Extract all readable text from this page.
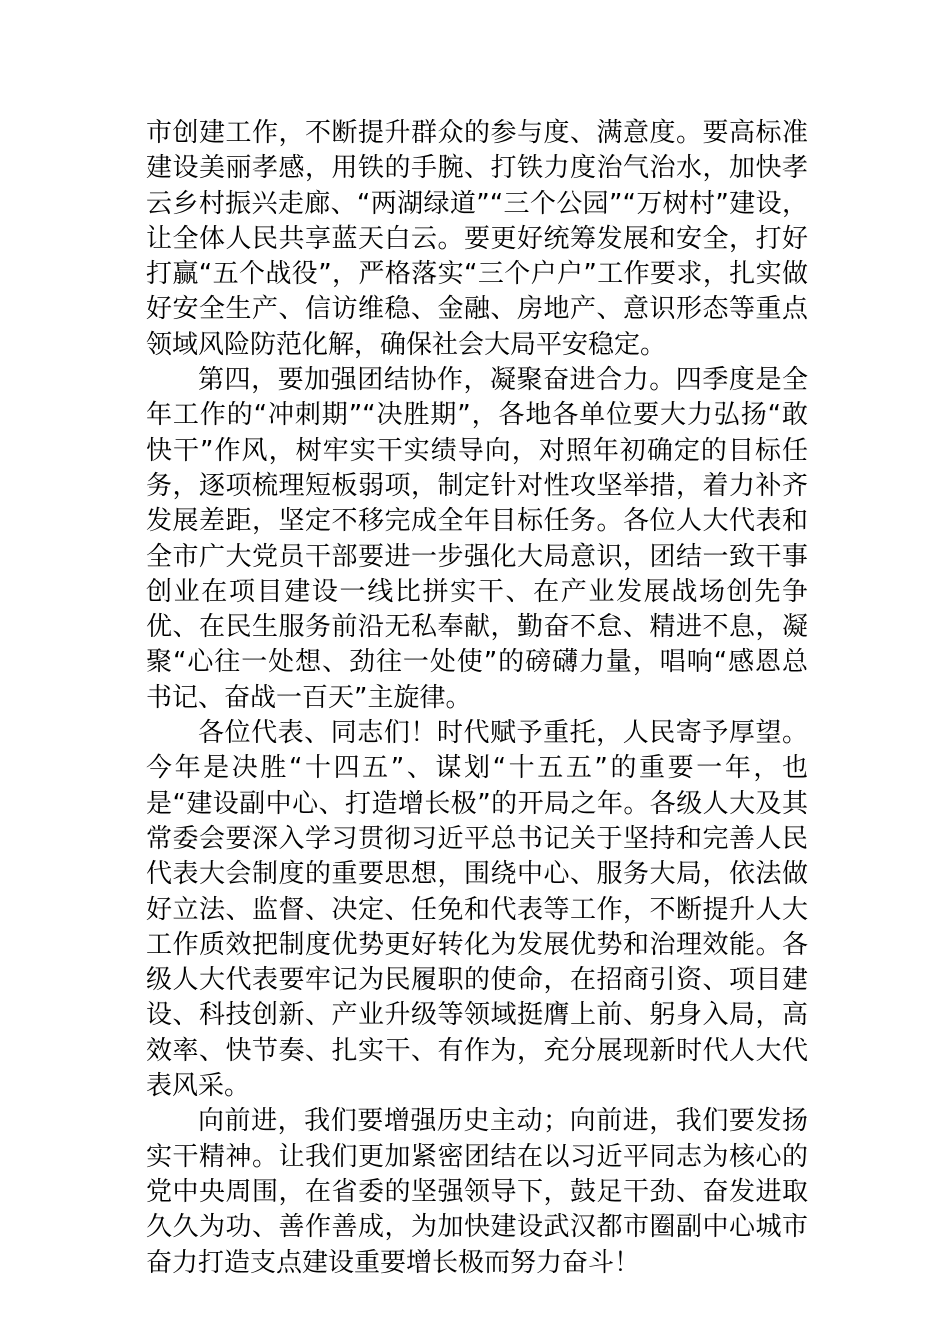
市创建工作，不断提升群众的参与度、满意度。要高标准建设美丽孝感，用铁的手腕、打铁力度治气治水，加快孝云乡村振兴走廊、“两湖绿道”“三个公园”“万树村”建设，让全体人民共享蓝天白云。要更好统筹发展和安全，打好打赢“五个战役”，严格落实“三个户户”工作要求，扎实做好安全生产、信访维稳、金融、房地产、意识形态等重点领域风险防范化解，确保社会大局平安稳定。

第四，要加强团结协作，凝聚奋进合力。四季度是全年工作的“冲刺期”“决胜期”，各地各单位要大力弘扬“敢快干”作风，树牢实干实绩导向，对照年初确定的目标任务，逐项梳理短板弱项，制定针对性攻坚举措，着力补齐发展差距，坚定不移完成全年目标任务。各位人大代表和全市广大党员干部要进一步强化大局意识，团结一致干事创业在项目建设一线比拼实干、在产业发展战场创先争优、在民生服务前沿无私奉献，勤奋不怠、精进不息，凝聚“心往一处想、劲往一处使”的磅礴力量，唱响“感恩总书记、奋战一百天”主旋律。

各位代表、同志们！时代赋予重托，人民寄予厚望。今年是决胜“十四五”、谋划“十五五”的重要一年，也是“建设副中心、打造增长极”的开局之年。各级人大及其常委会要深入学习贯彻习近平总书记关于坚持和完善人民代表大会制度的重要思想，围绕中心、服务大局，依法做好立法、监督、决定、任免和代表等工作，不断提升人大工作质效把制度优势更好转化为发展优势和治理效能。各级人大代表要牢记为民履职的使命，在招商引资、项目建设、科技创新、产业升级等领域挺膺上前、躬身入局，高效率、快节奏、扎实干、有作为，充分展现新时代人大代表风采。

向前进，我们要增强历史主动；向前进，我们要发扬实干精神。让我们更加紧密团结在以习近平同志为核心的党中央周围，在省委的坚强领导下，鼓足干劲、奋发进取久久为功、善作善成，为加快建设武汉都市圈副中心城市奋力打造支点建设重要增长极而努力奋斗！
